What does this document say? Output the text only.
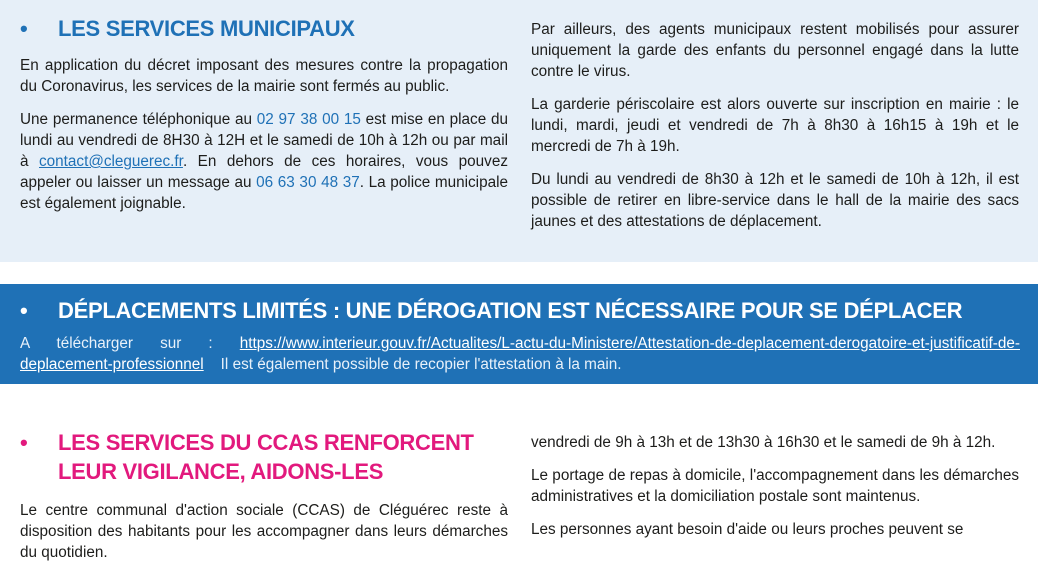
•	LES SERVICES MUNICIPAUX

En application du décret imposant des mesures contre la propagation du Coronavirus, les services de la mairie sont fermés au public.

Une permanence téléphonique au 02 97 38 00 15 est mise en place du lundi au vendredi de 8H30 à 12H et le samedi de 10h à 12h ou par mail à contact@cleguerec.fr. En dehors de ces horaires, vous pouvez appeler ou laisser un message au 06 63 30 48 37. La police municipale est également joignable.

Par ailleurs, des agents municipaux restent mobilisés pour assurer uniquement la garde des enfants du personnel engagé dans la lutte contre le virus.

La garderie périscolaire est alors ouverte sur inscription en mairie : le lundi, mardi, jeudi et vendredi de 7h à 8h30 à 16h15 à 19h et le mercredi de 7h à 19h.

Du lundi au vendredi de 8h30 à 12h et le samedi de 10h à 12h, il est possible de retirer en libre-service dans le hall de la mairie des sacs jaunes et des attestations de déplacement.

•	DÉPLACEMENTS LIMITÉS : UNE DÉROGATION EST NÉCESSAIRE POUR SE DÉPLACER

A télécharger sur : https://www.interieur.gouv.fr/Actualites/L-actu-du-Ministere/Attestation-de-deplacement-derogatoire-et-justificatif-de-deplacement-professionnel    Il est également possible de recopier l'attestation à la main.

•	LES SERVICES DU CCAS RENFORCENT
LEUR VIGILANCE, AIDONS-LES

Le centre communal d'action sociale (CCAS) de Cléguérec reste à disposition des habitants pour les accompagner dans leurs démarches du quotidien.

vendredi de 9h à 13h et de 13h30 à 16h30 et le samedi de 9h à 12h.

Le portage de repas à domicile, l'accompagnement dans les démarches administratives et la domiciliation postale sont maintenus.

Les personnes ayant besoin d'aide ou leurs proches peuvent se
